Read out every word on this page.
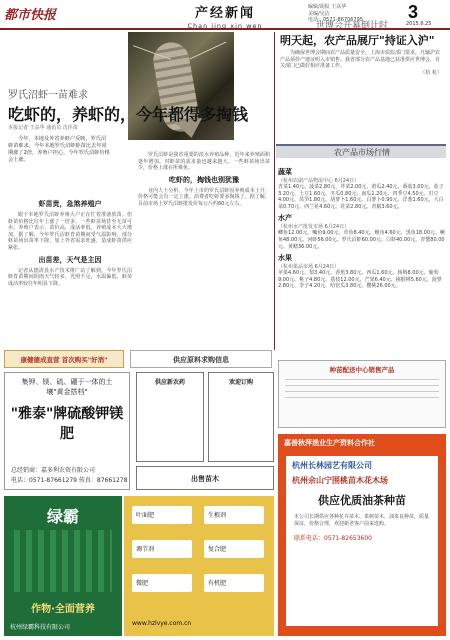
都市快报	产经新闻
Chan jing xin wen
编辑/胡侃 王高华
美编/吴洁
电话：0571-86706795	3
2015.6.25
罗氏沼虾一苗难求
吃虾的，养虾的，今年都得多掏钱
本报记者 王高华 通讯员 沈佳苗
今年，本地及外省养虾户反映，罗氏沼虾苗难求，今年本地罗氏沼虾虾苗比去年同期涨了2倍，养殖户担心，今年罗氏沼虾价格会上涨。
虾苗贵，急煞养殖户

眼下本地罗氏沼虾养殖大户正在忙着准备放苗。但虾苗价格比往年上涨了一倍多，一些虾苗场甚至无苗可卖。养殖户表示，苗价高，成活率低，养殖成本大大增加。据了解，今年罗氏沼虾育苗期间受气温影响，部分虾苗场出苗率下降，加上外省需求旺盛，造成虾苗供应紧张。

出苗差，天气是主因

记者从德清县水产技术推广站了解到，今年罗氏沼虾育苗期间阴雨天气较多，光照不足，水温偏低，虾苗成活率较往年明显下降。

罗氏沼虾是我省重要的淡水养殖品种，近年来养殖面积逐年增加，对虾苗的需求量也越来越大。一些虾苗场出苗少，价格上涨在所难免。

吃虾的，掏钱也别犹豫

业内人士分析，今年上市的罗氏沼虾因养殖成本上升，价格可能会有一定上涨。消费者吃虾要多掏钱了。据了解，目前市场上罗氏沼虾批发价每公斤约60元左右。

世博会开幕倒计时
明天起，农产品展厅"持证入沪"
为确保世博会期间农产品质量安全，上海市质监部门要求，凡输沪农产品须持产地证明入市销售。我省部分农产品基地已获准供应世博会，有关部门已做好相应准备工作。
（杭 杭）
农产品市场行情
蔬菜
（杭州农副产品物流中心 6月24日）
青菜1.40元、菠菜2.80元、芹菜2.00元、黄瓜2.40元、番茄3.00元、茄子3.20元、土豆1.60元、冬瓜0.80元、南瓜1.20元、四季豆4.50元、豇豆4.00元、莴笋1.80元、胡萝卜1.60元、白萝卜0.90元、洋葱1.60元、大白菜0.70元、西兰花4.60元、花菜2.80元、青椒3.60元。
水产
（杭州水产批发市场 6月24日）
鲫鱼12.00元、鳙鱼9.00元、草鱼8.40元、鲢鱼4.60元、黑鱼18.00元、鳜鱼48.00元、河虾56.00元、罗氏沼虾60.00元、白虾40.00元、青蟹80.00元、黄鳝36.00元。
水果
（杭州果品市场 6月24日）
苹果4.60元、梨3.40元、香蕉3.80元、西瓜1.60元、杨梅8.00元、葡萄9.00元、桃子4.80元、荔枝12.00元、芒果6.40元、猕猴桃5.60元、菠萝2.80元、李子4.20元、哈密瓜3.80元、樱桃26.00元。
康健德成直营 首次购买"好消"	供应原料求购信息
集钾、镁、硫、硼于一体的土
壤"黄金搭档"
"雅泰"牌硫酸钾镁肥
总经销商：嘉多利农资有限公司
电话：0571-87661279 传真：87661278
供应新农药	欢迎订购
出售苗木
种苗配送中心销售产品
绿霸
作物·全面营养
杭州绿霸科技有限公司
叶面肥	生根剂
调节剂	复合肥
微肥	有机肥
www.hzlvye.com.cn
嘉善秋萍渔业生产资料合作社
杭州长林园艺有限公司
杭州余山宁围桃苗木花木场
供应优质油茶种苗
本公司长期供应各种花卉苗木、果树苗木、油茶良种苗，质量保证，价格合理，欢迎新老客户前来选购。
联系电话：0571-82653600
